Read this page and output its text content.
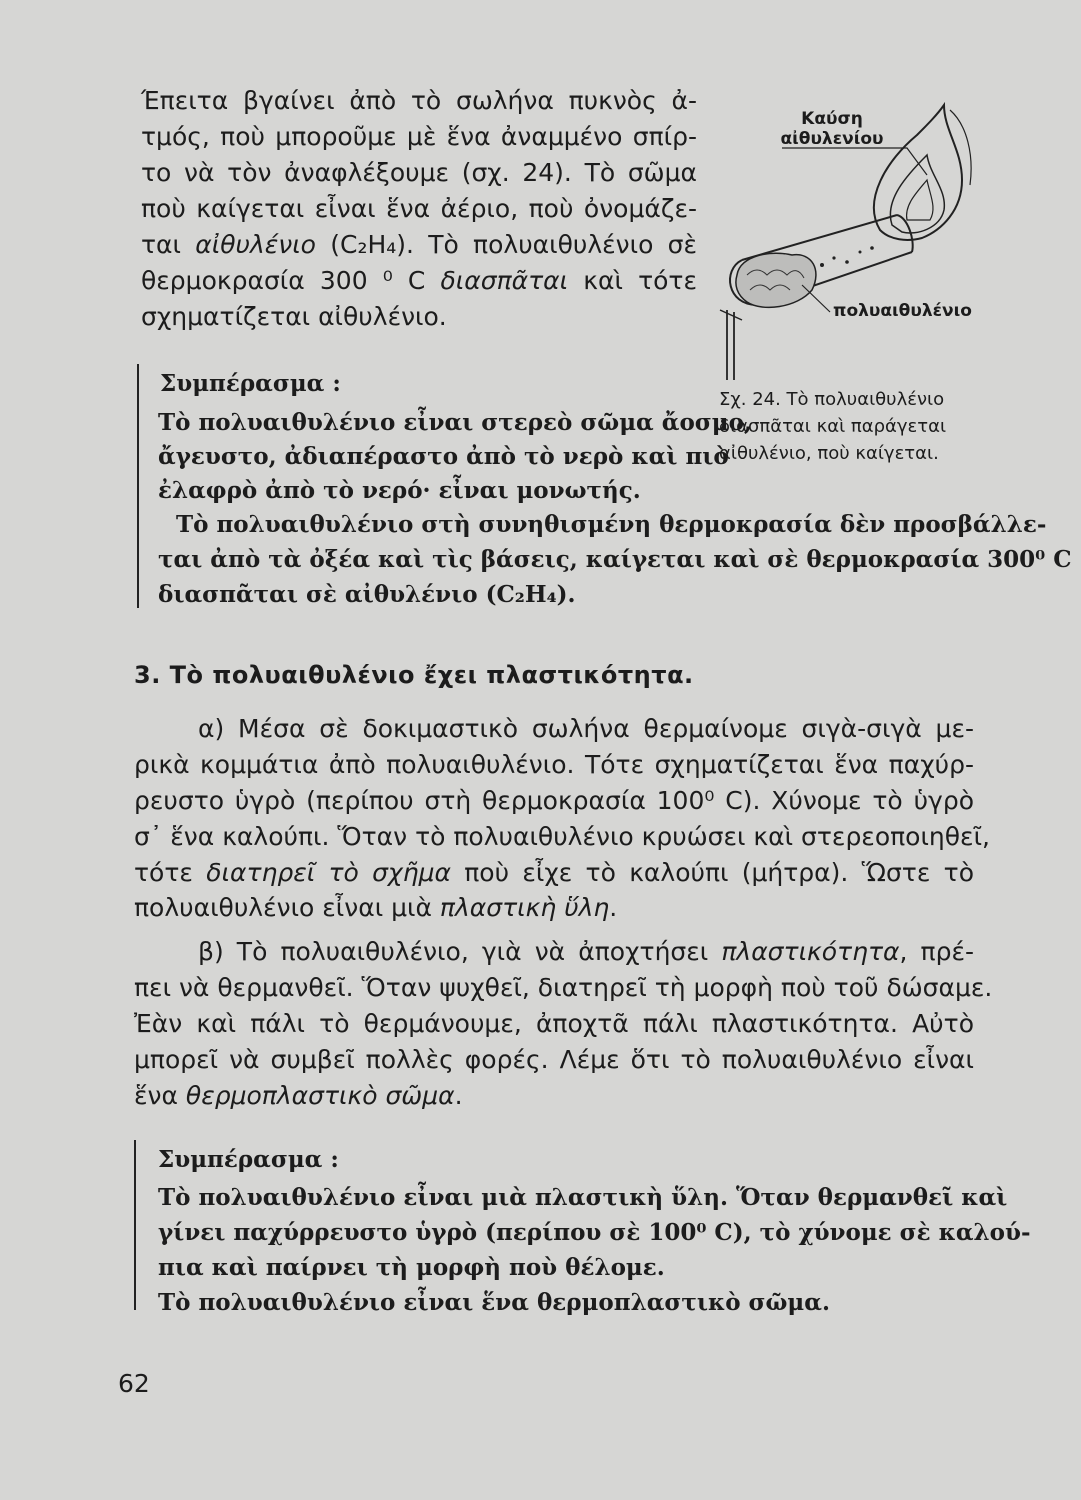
Έπειτα βγαίνει ἀπὸ τὸ σωλήνα πυκνὸς ἀ-
τμός, ποὺ μποροῦμε μὲ ἕνα ἀναμμένο σπίρ-
το νὰ τὸν ἀναφλέξουμε (σχ. 24). Τὸ σῶμα
ποὺ καίγεται εἶναι ἕνα ἀέριο, ποὺ ὀνομάζε-
ται αἰθυλένιο (C₂H₄). Τὸ πολυαιθυλένιο σὲ
θερμοκρασία 300 ⁰ C διασπᾶται καὶ τότε
σχηματίζεται αἰθυλένιο.
Καύση
αἰθυλενίου
πολυαιθυλένιο
Σχ. 24. Τὸ πολυαιθυλένιο
διασπᾶται καὶ παράγεται
αἰθυλένιο, ποὺ καίγεται.
Συμπέρασμα :
Τὸ πολυαιθυλένιο εἶναι στερεὸ σῶμα ἄοσμο,
ἄγευστο, ἀδιαπέραστο ἀπὸ τὸ νερὸ καὶ πιὸ
ἐλαφρὸ ἀπὸ τὸ νερό· εἶναι μονωτής.
Τὸ πολυαιθυλένιο στὴ συνηθισμένη θερμοκρασία δὲν προσβάλλε-
ται ἀπὸ τὰ ὀξέα καὶ τὶς βάσεις, καίγεται καὶ σὲ θερμοκρασία 300⁰ C
διασπᾶται σὲ αἰθυλένιο (C₂H₄).
3. Τὸ πολυαιθυλένιο ἔχει πλαστικότητα.
α) Μέσα σὲ δοκιμαστικὸ σωλήνα θερμαίνομε σιγὰ-σιγὰ με-
ρικὰ κομμάτια ἀπὸ πολυαιθυλένιο. Τότε σχηματίζεται ἕνα παχύρ-
ρευστο ὑγρὸ (περίπου στὴ θερμοκρασία 100⁰ C). Χύνομε τὸ ὑγρὸ
σ᾽ ἕνα καλούπι. Ὅταν τὸ πολυαιθυλένιο κρυώσει καὶ στερεοποιηθεῖ,
τότε διατηρεῖ τὸ σχῆμα ποὺ εἶχε τὸ καλούπι (μήτρα). Ὥστε τὸ
πολυαιθυλένιο εἶναι μιὰ πλαστικὴ ὕλη.
β) Τὸ πολυαιθυλένιο, γιὰ νὰ ἀποχτήσει πλαστικότητα, πρέ-
πει νὰ θερμανθεῖ. Ὅταν ψυχθεῖ, διατηρεῖ τὴ μορφὴ ποὺ τοῦ δώσαμε.
Ἐὰν καὶ πάλι τὸ θερμάνουμε, ἀποχτᾶ πάλι πλαστικότητα. Αὐτὸ
μπορεῖ νὰ συμβεῖ πολλὲς φορές. Λέμε ὅτι τὸ πολυαιθυλένιο εἶναι
ἕνα θερμοπλαστικὸ σῶμα.
Συμπέρασμα :
Τὸ πολυαιθυλένιο εἶναι μιὰ πλαστικὴ ὕλη. Ὅταν θερμανθεῖ καὶ
γίνει παχύρρευστο ὑγρὸ (περίπου σὲ 100⁰ C), τὸ χύνομε σὲ καλού-
πια καὶ παίρνει τὴ μορφὴ ποὺ θέλομε.
Τὸ πολυαιθυλένιο εἶναι ἕνα θερμοπλαστικὸ σῶμα.
62
